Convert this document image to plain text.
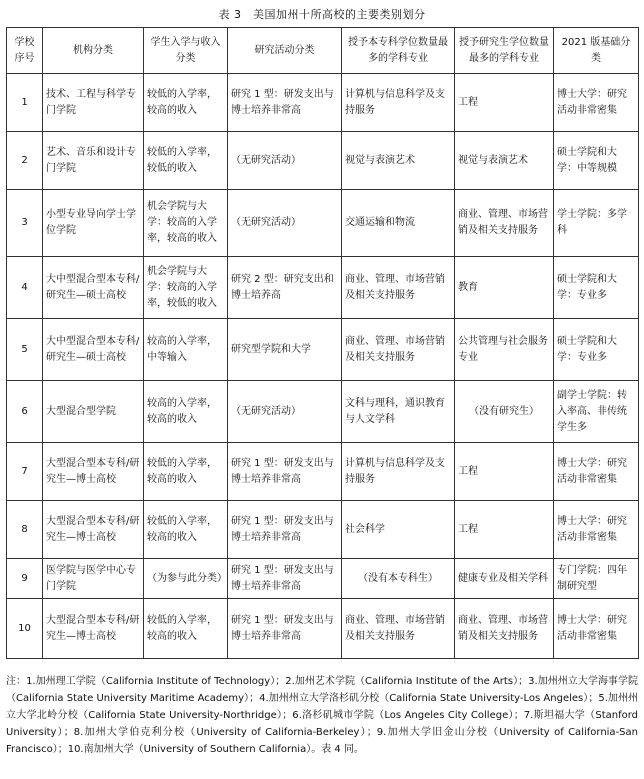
表 3　美国加州十所高校的主要类别划分
学校序号	机构分类	学生入学与收入分类	研究活动分类	授予本专科学位数量最多的学科专业	授予研究生学位数量最多的学科专业	2021 版基础分类
1	技术、工程与科学专门学院	较低的入学率，较高的收入	研究 1 型：研发支出与博士培养非常高	计算机与信息科学及支持服务	工程	博士大学：研究活动非常密集
2	艺术、音乐和设计专门学院	较低的入学率，较低的收入	（无研究活动）	视觉与表演艺术	视觉与表演艺术	硕士学院和大学：中等规模
3	小型专业导向学士学位学院	机会学院与大学：较高的入学率，较高的收入	（无研究活动）	交通运输和物流	商业、管理、市场营销及相关支持服务	学士学院：多学科
4	大中型混合型本专科/研究生—硕士高校	机会学院与大学：较高的入学率，较低的收入	研究 2 型：研究支出和博士培养高	商业、管理、市场营销及相关支持服务	教育	硕士学院和大学：专业多
5	大中型混合型本专科/研究生—硕士高校	较高的入学率，中等输入	研究型学院和大学	商业、管理、市场营销及相关支持服务	公共管理与社会服务专业	硕士学院和大学：专业多
6	大型混合型学院	较高的入学率，较高的收入	（无研究活动）	文科与理科，通识教育与人文学科	（没有研究生）	副学士学院：转入率高、非传统学生多
7	大型混合型本专科/研究生—博士高校	较低的入学率，较高的收入	研究 1 型：研发支出与博士培养非常高	计算机与信息科学及支持服务	工程	博士大学：研究活动非常密集
8	大型混合型本专科/研究生—博士高校	较低的入学率，较高的收入	研究 1 型：研发支出与博士培养非常高	社会科学	工程	博士大学：研究活动非常密集
9	医学院与医学中心专门学院	（为参与此分类）	研究 1 型：研发支出与博士培养非常高	（没有本专科生）	健康专业及相关学科	专门学院：四年制研究型
10	大型混合型本专科/研究生—博士高校	较低的入学率，较高的收入	研究 1 型：研发支出与博士培养非常高	商业、管理、市场营销及相关支持服务	商业、管理、市场营销及相关支持服务	博士大学：研究活动非常密集
注：1.加州理工学院（California Institute of Technology）；2.加州艺术学院（California Institute of the Arts）；3.加州州立大学海事学院（California State University Maritime Academy）；4.加州州立大学洛杉矶分校（California State University-Los Angeles）；5.加州州立大学北岭分校（California State University-Northridge）；6.洛杉矶城市学院（Los Angeles City College）；7.斯坦福大学（Stanford University）；8.加州大学伯克利分校（University of California-Berkeley）；9.加州大学旧金山分校（University of California-San Francisco）；10.南加州大学（University of Southern California）。表 4 同。
